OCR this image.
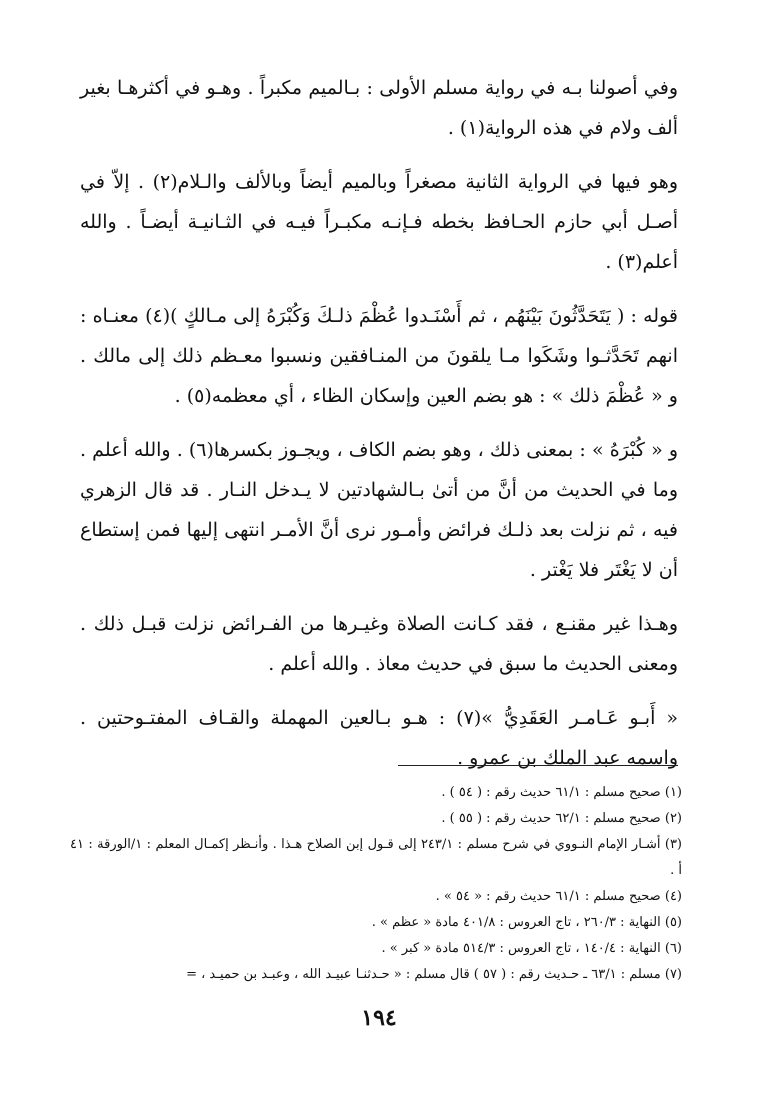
وفي أصولنا بـه في رواية مسلم الأولى : بـالميم مكبراً . وهـو في أكثرهـا بغير ألف ولام في هذه الرواية(١) .

وهو فيها في الرواية الثانية مصغراً وبالميم أيضاً وبالألف والـلام(٢) . إلاّ في أصـل أبي حازم الحـافظ بخطه فـإنـه مكبـراً فيـه في الثـانيـة أيضـاً . والله أعلم(٣) .

قوله : ( يَتَحَدَّثُونَ بَيْنَهُم ، ثم أَسْنَـدوا عُظْمَ ذلـكَ وَكُبْرَهُ إلى مـالكٍ )(٤) معنـاه : انهم تَحَدَّثـوا وشَكَوا مـا يلقونَ من المنـافقين ونسبوا معـظم ذلك إلى مالك . و « عُظْمَ ذلك » : هو بضم العين وإسكان الظاء ، أي معظمه(٥) .

و « كُبْرَهُ » : بمعنى ذلك ، وهو بضم الكاف ، ويجـوز بكسرها(٦) . والله أعلم . وما في الحديث من أنَّ من أتىٰ بـالشهادتين لا يـدخل النـار . قد قال الزهري فيه ، ثم نزلت بعد ذلـك فرائض وأمـور نرى أنَّ الأمـر انتهى إليها فمن إستطاع أن لا يَغْتَر فلا يَغْتر .

وهـذا غير مقنـع ، فقد كـانت الصلاة وغيـرها من الفـرائض نزلت قبـل ذلك . ومعنى الحديث ما سبق في حديث معاذ . والله أعلم .

« أَبـو عَـامـر العَقَدِيُّ »(٧) : هـو بـالعين المهملة والقـاف المفتـوحتين . واسمه عبد الملك بن عمرو .

(١) صحيح مسلم : ٦١/١ حديث رقم : ( ٥٤ ) .

(٢) صحيح مسلم : ٦٢/١ حديث رقم : ( ٥٥ ) .

(٣) أشـار الإمام النـووي في شرح مسلم : ٢٤٣/١ إلى قـول إبن الصلاح هـذا . وأنـظر إكمـال المعلم : ١/الورقة : ٤١ أ .

(٤) صحيح مسلم : ٦١/١ حديث رقم : « ٥٤ » .

(٥) النهاية : ٢٦٠/٣ ، تاج العروس : ٤٠١/٨ مادة « عظم » .

(٦) النهاية : ١٤٠/٤ ، تاج العروس : ٥١٤/٣ مادة « كبر » .

(٧) مسلم : ٦٣/١ ـ حـديث رقم : ( ٥٧ ) قال مسلم : « حـدثنـا عبيـد الله ، وعبـد بن حميـد ، =

١٩٤
